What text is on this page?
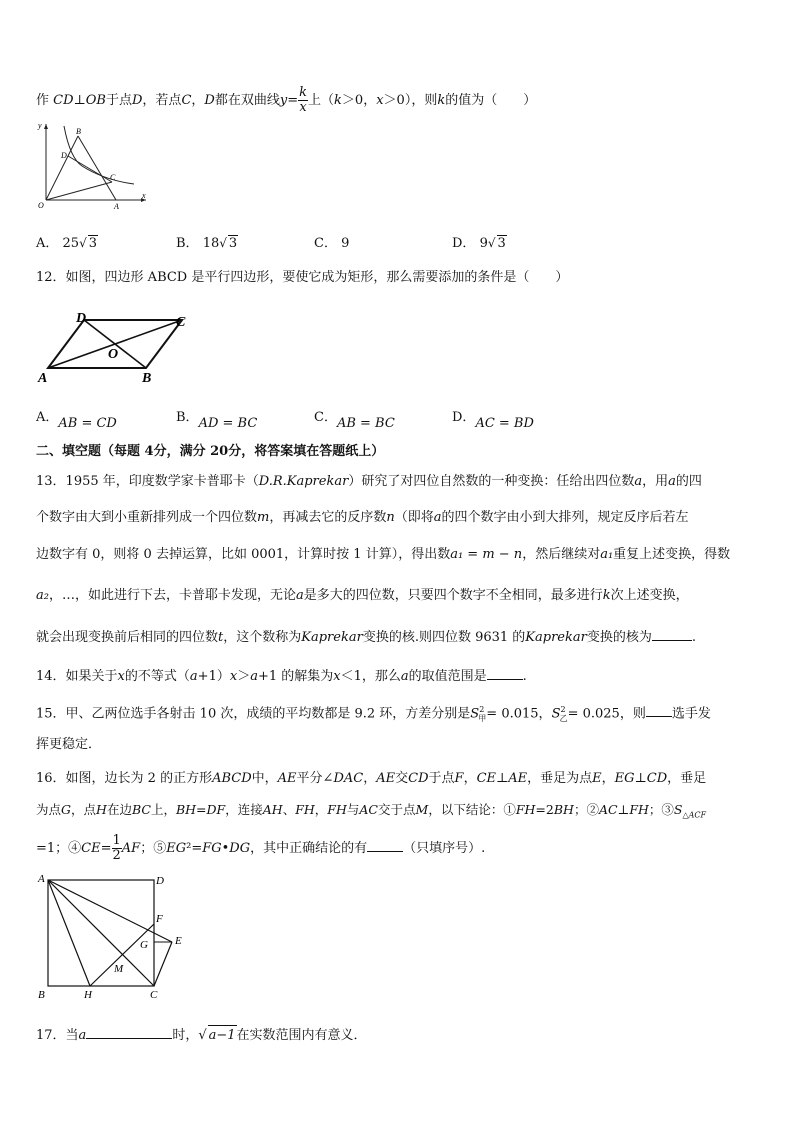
作 CD⊥OB于点D，若点C，D都在双曲线$y= \frac{k}{x}$ 上（k＞0，x＞0），则k的值为（　　）
y
x
O	A
B
C
D
A． 25√ 3	B． 18√ 3	C． 9	D． 9√ 3
12．如图，四边形 ABCD 是平行四边形，要使它成为矩形，那么需要添加的条件是（　　）
A	B
C
D
O
A．AB = CD	B．AD = BC	C．AB = BC	D．AC = BD
二、填空题（每题 4分，满分 20分，将答案填在答题纸上）
13．1955 年，印度数学家卡普耶卡（D.R.Kaprekar）研究了对四位自然数的一种变换：任给出四位数a，用a的四
个数字由大到小重新排列成一个四位数m，再减去它的反序数n（即将a的四个数字由小到大排列，规定反序后若左
边数字有 0，则将 0 去掉运算，比如 0001，计算时按 1 计算），得出数a₁ = m − n，然后继续对a₁重复上述变换，得数
a₂，…，如此进行下去，卡普耶卡发现，无论a是多大的四位数，只要四个数字不全相同，最多进行k次上述变换，
就会出现变换前后相同的四位数t，这个数称为Kaprekar变换的核.则四位数 9631 的Kaprekar变换的核为	.
14．如果关于x的不等式（a+1）x＞a+1 的解集为x＜1，那么a的取值范围是	.
15．甲、乙两位选手各射击 10 次，成绩的平均数都是 9.2 环，方差分别是$S^2_甲= 0.015$，$S^2_乙= 0.025$，则 选手发
挥更稳定．
16．如图，边长为 2 的正方形ABCD中，AE平分∠DAC，AE交CD于点F，CE⊥AE，垂足为点E，EG⊥CD，垂足
为点G，点H在边BC上，BH=DF，连接AH、FH，FH与AC交于点M，以下结论：①FH=2BH；②AC⊥FH；$③S_{\triangle ACF}$
=1；④CE= $\frac{1}{2}$ AF；⑤EG²=FG•DG，其中正确结论的有	（只填序号）.
A
B	C
D
E
F
G
H
M
17．当a	时，√ a−1在实数范围内有意义．
